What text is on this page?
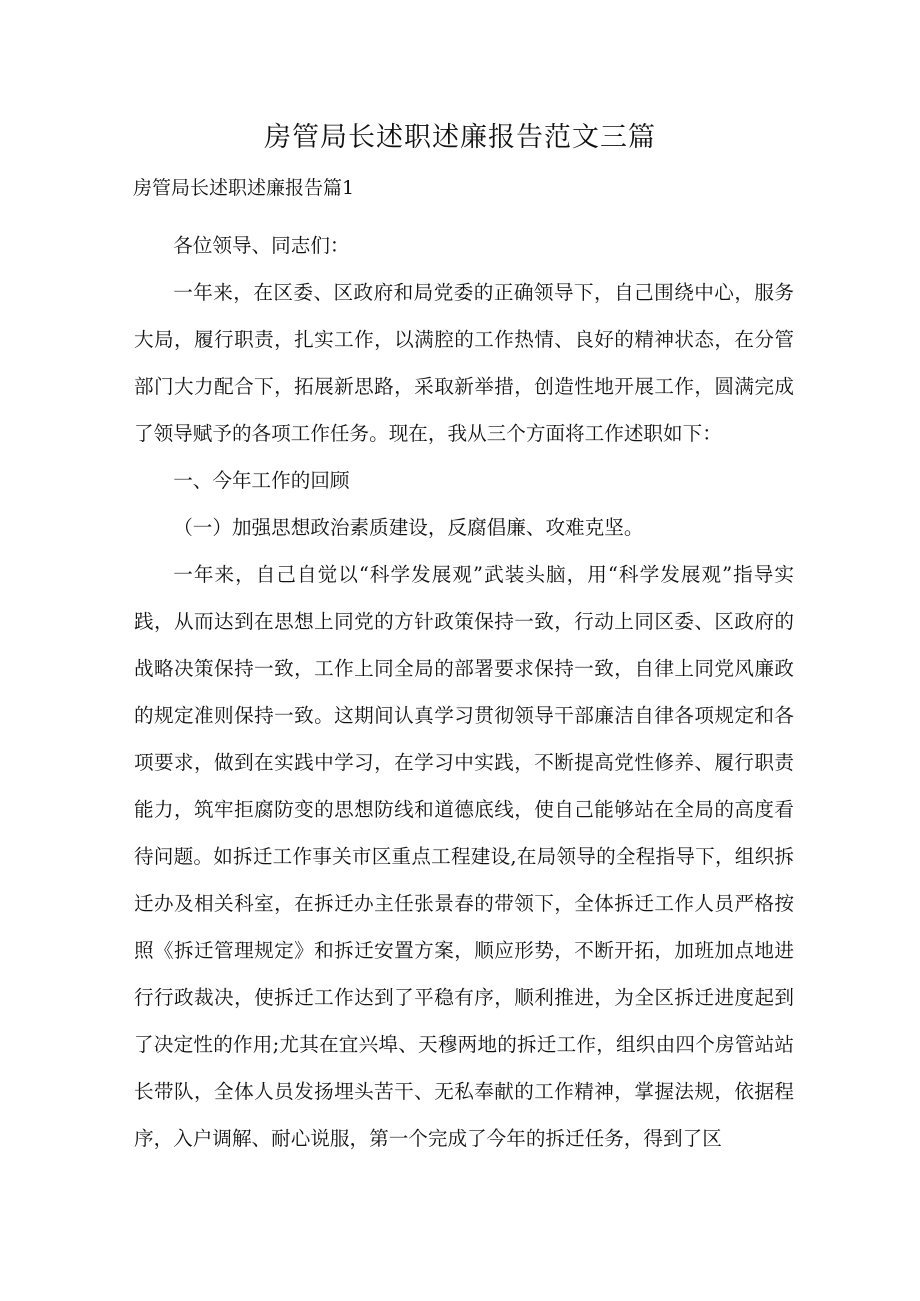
房管局长述职述廉报告范文三篇
房管局长述职述廉报告篇1

各位领导、同志们：

一年来，在区委、区政府和局党委的正确领导下，自己围绕中心，服务大局，履行职责，扎实工作，以满腔的工作热情、良好的精神状态，在分管部门大力配合下，拓展新思路，采取新举措，创造性地开展工作，圆满完成了领导赋予的各项工作任务。现在，我从三个方面将工作述职如下：

一、今年工作的回顾

（一）加强思想政治素质建设，反腐倡廉、攻难克坚。

一年来，自己自觉以“科学发展观”武装头脑，用“科学发展观”指导实践，从而达到在思想上同党的方针政策保持一致，行动上同区委、区政府的战略决策保持一致，工作上同全局的部署要求保持一致，自律上同党风廉政的规定准则保持一致。这期间认真学习贯彻领导干部廉洁自律各项规定和各项要求，做到在实践中学习，在学习中实践，不断提高党性修养、履行职责能力，筑牢拒腐防变的思想防线和道德底线，使自己能够站在全局的高度看待问题。如拆迁工作事关市区重点工程建设,在局领导的全程指导下，组织拆迁办及相关科室，在拆迁办主任张景春的带领下，全体拆迁工作人员严格按照《拆迁管理规定》和拆迁安置方案，顺应形势，不断开拓，加班加点地进行行政裁决，使拆迁工作达到了平稳有序，顺利推进，为全区拆迁进度起到了决定性的作用;尤其在宜兴埠、天穆两地的拆迁工作，组织由四个房管站站长带队，全体人员发扬埋头苦干、无私奉献的工作精神，掌握法规，依据程序，入户调解、耐心说服，第一个完成了今年的拆迁任务，得到了区
